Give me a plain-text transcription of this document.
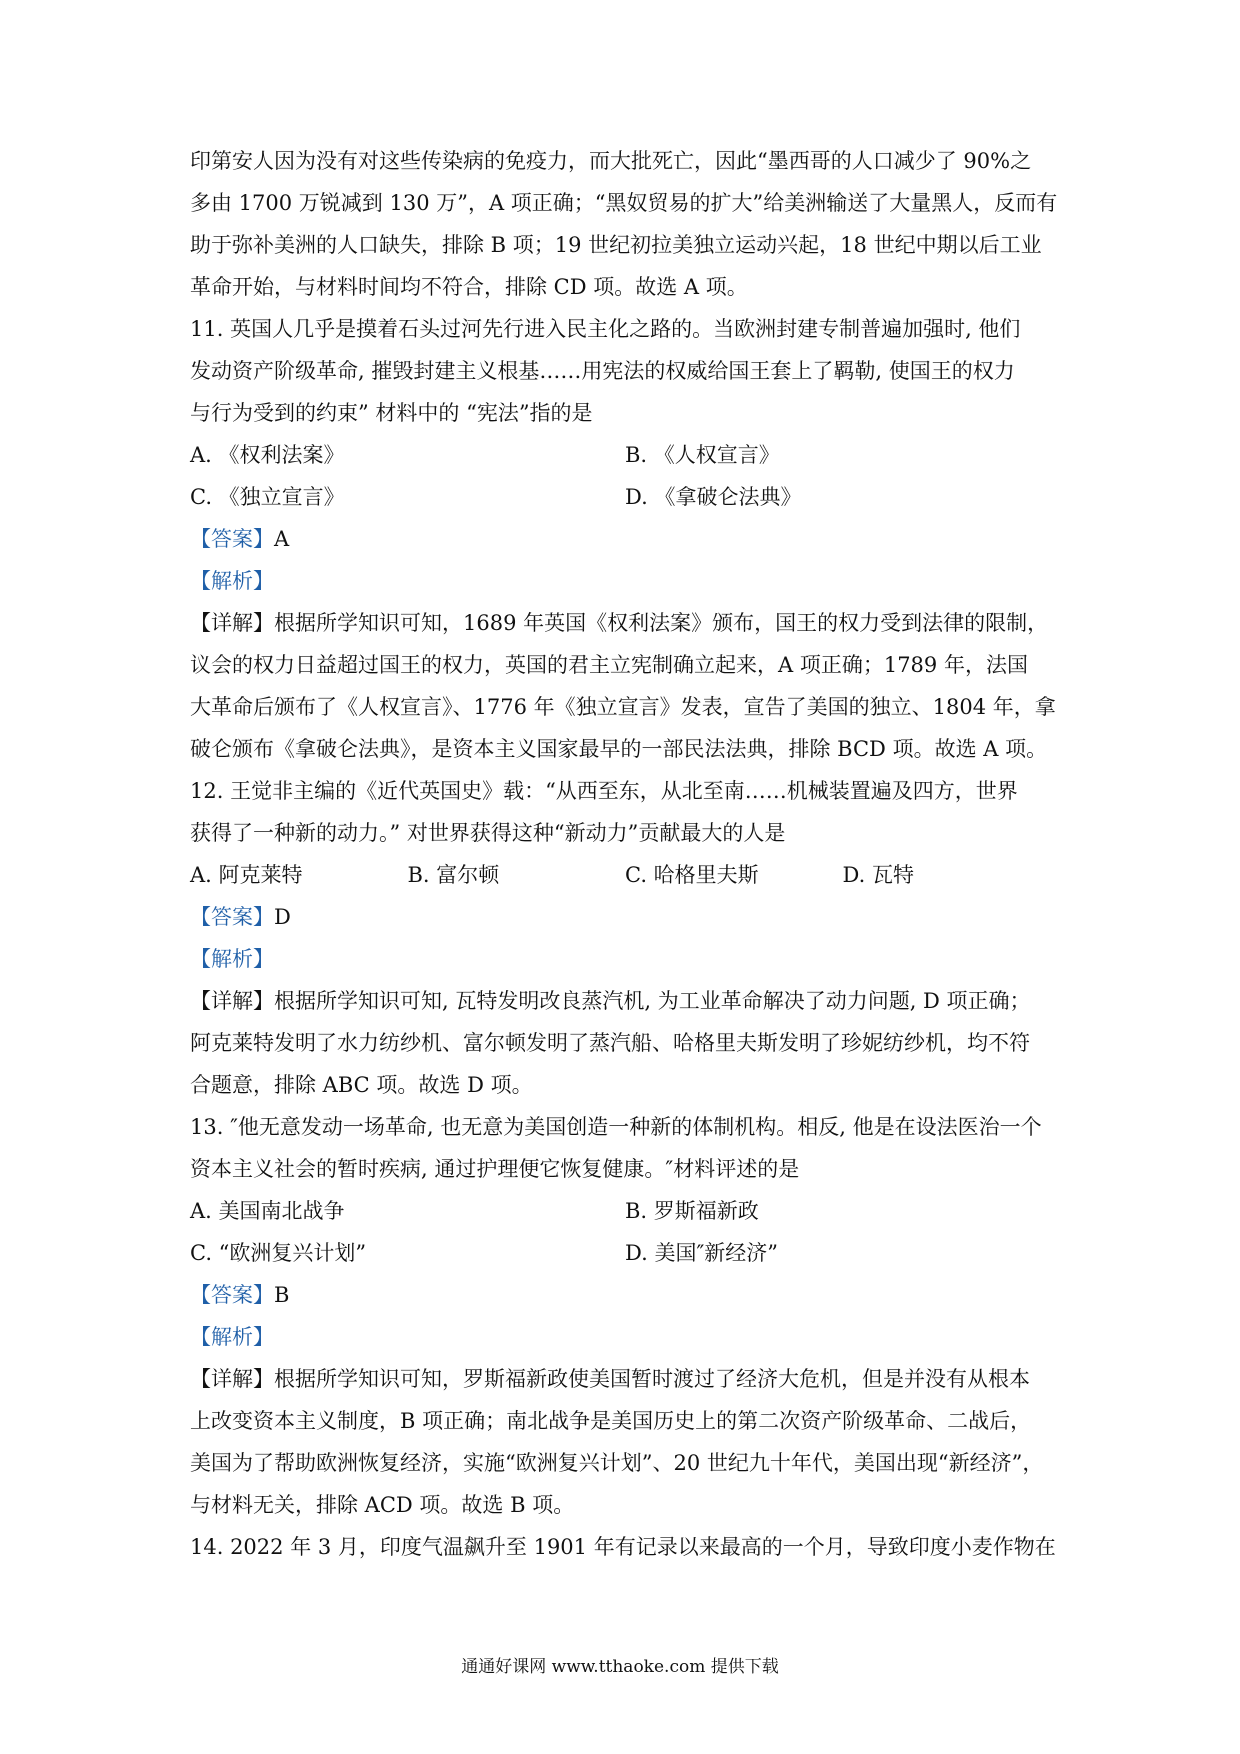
印第安人因为没有对这些传染病的免疫力，而大批死亡，因此“墨西哥的人口减少了 90%之
多由 1700 万锐减到 130 万”，A 项正确；“黑奴贸易的扩大”给美洲输送了大量黑人，反而有
助于弥补美洲的人口缺失，排除 B 项；19 世纪初拉美独立运动兴起，18 世纪中期以后工业
革命开始，与材料时间均不符合，排除 CD 项。故选 A 项。
11. 英国人几乎是摸着石头过河先行进入民主化之路的。当欧洲封建专制普遍加强时, 他们
发动资产阶级革命, 摧毁封建主义根基……用宪法的权威给国王套上了羁勒, 使国王的权力
与行为受到的约束” 材料中的 “宪法”指的是
A. 《权利法案》	B. 《人权宣言》
C. 《独立宣言》	D. 《拿破仑法典》
【答案】A
【解析】
【详解】根据所学知识可知，1689 年英国《权利法案》颁布，国王的权力受到法律的限制，
议会的权力日益超过国王的权力，英国的君主立宪制确立起来，A 项正确；1789 年，法国
大革命后颁布了《人权宣言》、1776 年《独立宣言》发表，宣告了美国的独立、1804 年，拿
破仑颁布《拿破仑法典》，是资本主义国家最早的一部民法法典，排除 BCD 项。故选 A 项。
12. 王觉非主编的《近代英国史》载：“从西至东，从北至南……机械装置遍及四方，世界
获得了一种新的动力。” 对世界获得这种“新动力”贡献最大的人是
A. 阿克莱特	B. 富尔顿	C. 哈格里夫斯	D. 瓦特
【答案】D
【解析】
【详解】根据所学知识可知, 瓦特发明改良蒸汽机, 为工业革命解决了动力问题, D 项正确；
阿克莱特发明了水力纺纱机、富尔顿发明了蒸汽船、哈格里夫斯发明了珍妮纺纱机，均不符
合题意，排除 ABC 项。故选 D 项。
13. ″他无意发动一场革命, 也无意为美国创造一种新的体制机构。相反, 他是在设法医治一个
资本主义社会的暂时疾病, 通过护理便它恢复健康。″材料评述的是
A. 美国南北战争	B. 罗斯福新政
C. “欧洲复兴计划”	D. 美国″新经济”
【答案】B
【解析】
【详解】根据所学知识可知，罗斯福新政使美国暂时渡过了经济大危机，但是并没有从根本
上改变资本主义制度，B 项正确；南北战争是美国历史上的第二次资产阶级革命、二战后，
美国为了帮助欧洲恢复经济，实施“欧洲复兴计划”、20 世纪九十年代，美国出现“新经济”，
与材料无关，排除 ACD 项。故选 B 项。
14. 2022 年 3 月，印度气温飙升至 1901 年有记录以来最高的一个月，导致印度小麦作物在
通通好课网 www.tthaoke.com 提供下载
